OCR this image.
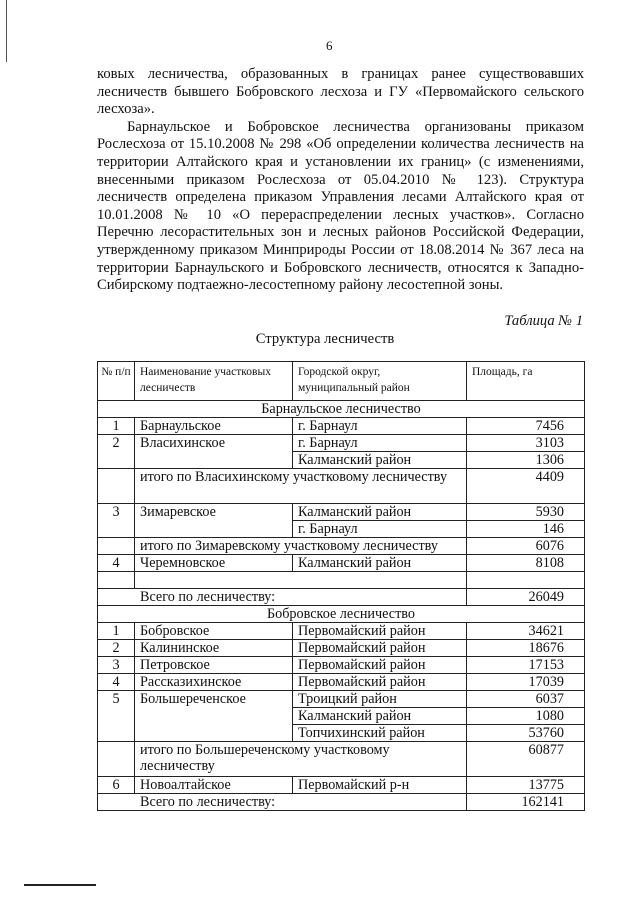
6

ковых лесничества, образованных в границах ранее существовавших лесничеств бывшего Бобровского лесхоза и ГУ «Первомайского сельского лесхоза».

Барнаульское и Бобровское лесничества организованы приказом Рослесхоза от 15.10.2008 № 298 «Об определении количества лесничеств на территории Алтайского края и установлении их границ» (с изменениями, внесенными приказом Рослесхоза от 05.04.2010 № 123). Структура лесничеств определена приказом Управления лесами Алтайского края от 10.01.2008 № 10 «О перераспределении лесных участков». Согласно Перечню лесорастительных зон и лесных районов Российской Федерации, утвержденному приказом Минприроды России от 18.08.2014 № 367 леса на территории Барнаульского и Бобровского лесничеств, относятся к Западно-Сибирскому подтаежно-лесостепному району лесостепной зоны.

Таблица № 1
Структура лесничеств
№ п/п	Наименование участковых лесничеств	Городской округ, муниципальный район	Площадь, га
Барнаульское лесничество			
1	Барнаульское	г. Барнаул	7456
2	Власихинское	г. Барнаул	3103
		Калманский район	1306
	итого по Власихинскому участковому лесничеству		4409
3	Зимаревское	Калманский район	5930
		г. Барнаул	146
	итого по Зимаревскому участковому лесничеству		6076
4	Черемновское	Калманский район	8108

Всего по лесничеству:			26049
Бобровское лесничество			
1	Бобровское	Первомайский район	34621
2	Калининское	Первомайский район	18676
3	Петровское	Первомайский район	17153
4	Рассказихинское	Первомайский район	17039
5	Большереченское	Троицкий район	6037
		Калманский район	1080
		Топчихинский район	53760
	итого по Большереченскому участковому лесничеству		60877
6	Новоалтайское	Первомайский р-н	13775
Всего по лесничеству:			162141
